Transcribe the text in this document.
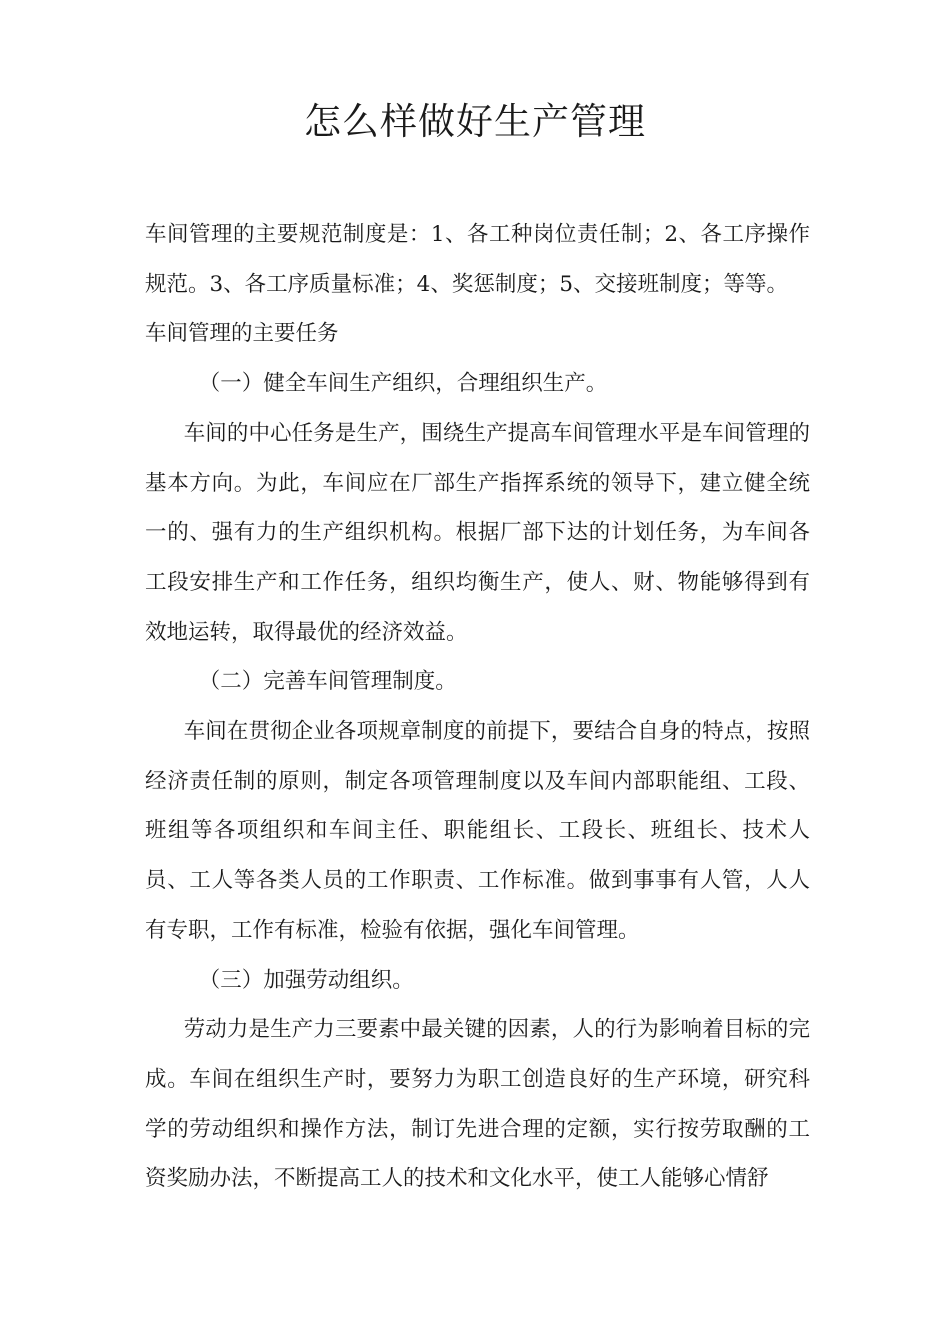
怎么样做好生产管理

车间管理的主要规范制度是：1、各工种岗位责任制；2、各工序操作规范。3、各工序质量标准；4、奖惩制度；5、交接班制度；等等。

车间管理的主要任务

（一）健全车间生产组织，合理组织生产。

车间的中心任务是生产，围绕生产提高车间管理水平是车间管理的基本方向。为此，车间应在厂部生产指挥系统的领导下，建立健全统一的、强有力的生产组织机构。根据厂部下达的计划任务，为车间各工段安排生产和工作任务，组织均衡生产，使人、财、物能够得到有效地运转，取得最优的经济效益。

（二）完善车间管理制度。

车间在贯彻企业各项规章制度的前提下，要结合自身的特点，按照经济责任制的原则，制定各项管理制度以及车间内部职能组、工段、班组等各项组织和车间主任、职能组长、工段长、班组长、技术人员、工人等各类人员的工作职责、工作标准。做到事事有人管，人人有专职，工作有标准，检验有依据，强化车间管理。

（三）加强劳动组织。

劳动力是生产力三要素中最关键的因素，人的行为影响着目标的完成。车间在组织生产时，要努力为职工创造良好的生产环境，研究科学的劳动组织和操作方法，制订先进合理的定额，实行按劳取酬的工资奖励办法，不断提高工人的技术和文化水平，使工人能够心情舒
